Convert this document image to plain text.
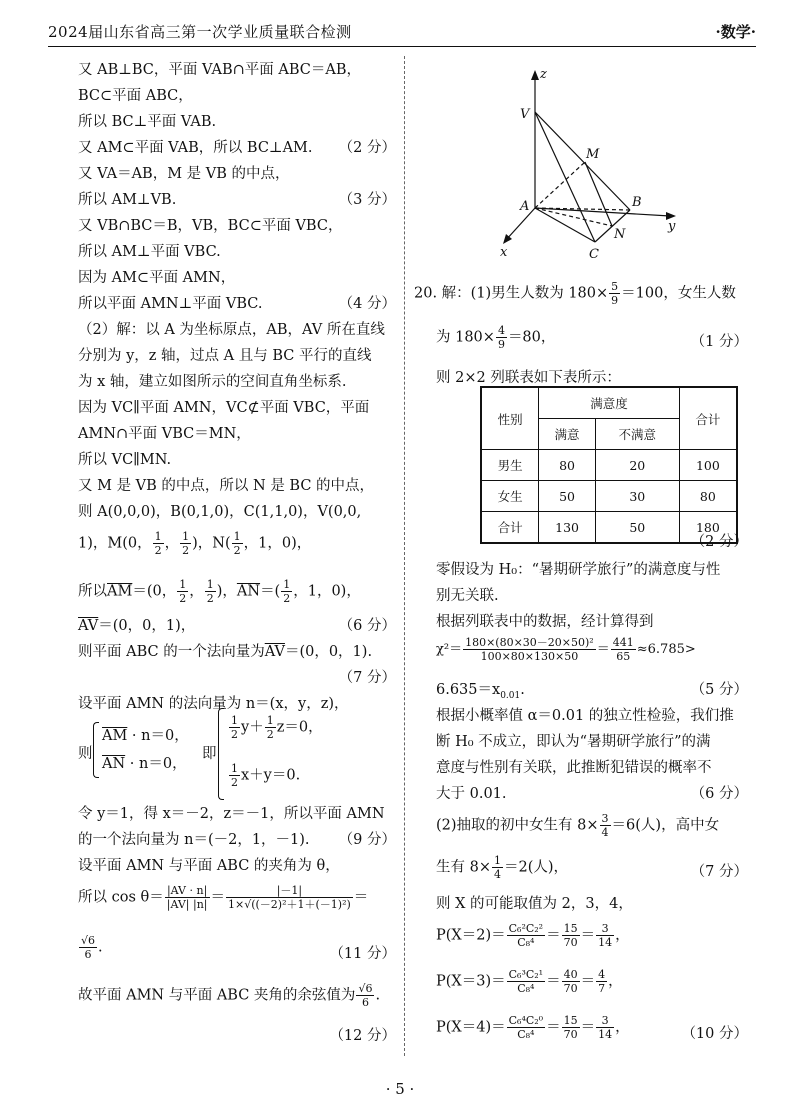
2024届山东省高三第一次学业质量联合检测	·数学·
又 AB⊥BC，平面 VAB∩平面 ABC＝AB，
BC⊂平面 ABC，
所以 BC⊥平面 VAB.
又 AM⊂平面 VAB，所以 BC⊥AM. （2 分）
又 VA＝AB，M 是 VB 的中点，
所以 AM⊥VB.	（3 分）
又 VB∩BC＝B，VB，BC⊂平面 VBC，
所以 AM⊥平面 VBC.
因为 AM⊂平面 AMN，
所以平面 AMN⊥平面 VBC.	（4 分）
（2）解：以 A 为坐标原点，AB，AV 所在直线
分别为 y，z 轴，过点 A 且与 BC 平行的直线
为 x 轴，建立如图所示的空间直角坐标系.
因为 VC∥平面 AMN，VC⊄平面 VBC，平面
AMN∩平面 VBC＝MN，
所以 VC∥MN.
又 M 是 VB 的中点，所以 N 是 BC 的中点，
则 A(0,0,0)，B(0,1,0)，C(1,1,0)，V(0,0,
1)，M(0， $\frac{1}{2}$ ， $\frac{1}{2}$ )，$N( \frac{1}{2}$ ，1，0)，
所以$\overline{AM}=(0$， $\frac{1}{2}$ ， $\frac{1}{2}$ )，$\overline{AN}=( \frac{1}{2}$ ，1，0)，
$\overline{AV}=(0$，0，1)，	（6 分）
则平面 ABC 的一个法向量为$\overline{AV}=(0$，0，1).
（7 分）
设平面 AMN 的法向量为 n＝(x，y，z)，
则
$\overline{AM} \cdot n=0$，
$\overline{AN} \cdot n=0$，
即
$\frac{1}{2} y+ \frac{1}{2} z=0$，
$\frac{1}{2} x+y=0$.
令 y＝1，得 x＝－2，z＝－1，所以平面 AMN
的一个法向量为 n＝(－2，1，－1). （9 分）
设平面 AMN 与平面 ABC 的夹角为 θ，
所以 $\cos \theta= \frac{|AV \cdot n|}{|AV| |n|} = \frac{|-1|}{\text{1×√((－2)²＋1＋(－1)²)}}$ ＝
$\frac{√6}{6}$ .	（11 分）
故平面 AMN 与平面 ABC 夹角的余弦值为 $\frac{√6}{6}$ .
（12 分）
z
V
M
A	B
y
N
x	C
20. 解：(1)男生人数为 $180\times \frac{5}{9} =100$，女生人数
为 $180\times \frac{4}{9} =80$，	（1 分）
则 2×2 列联表如下表所示：
性别	满意度		合计
	满意	不满意	
男生	80	20	100
女生	50	30	80
合计	130	50	180
（2 分）
零假设为 H₀：“暑期研学旅行”的满意度与性
别无关联.
根据列联表中的数据，经计算得到
$\chi^2= \frac{\text{180×(80×30－20×50)²}}{100\times 80\times 130\times 50} = \frac{441}{65} \approx 6.785>$
$6.635=x_{0.01}$.	（5 分）
根据小概率值 α＝0.01 的独立性检验，我们推
断 H₀ 不成立，即认为“暑期研学旅行”的满
意度与性别有关联，此推断犯错误的概率不
大于 0.01.	（6 分）
(2)抽取的初中女生有 $8\times \frac{3}{4} =6$(人)，高中女
生有 $8\times \frac{1}{4} =2$(人)，	（7 分）
则 X 的可能取值为 2，3，4，
$P(X=2)= \frac{\text{C₆²C₂²}}{\text{C₈⁴}} = \frac{15}{70} = \frac{3}{14}$ ，
$P(X=3)= \frac{\text{C₆³C₂¹}}{\text{C₈⁴}} = \frac{40}{70} = \frac{4}{7}$ ，
$P(X=4)= \frac{\text{C₆⁴C₂⁰}}{\text{C₈⁴}} = \frac{15}{70} = \frac{3}{14}$ ，	（10 分）
· 5 ·
